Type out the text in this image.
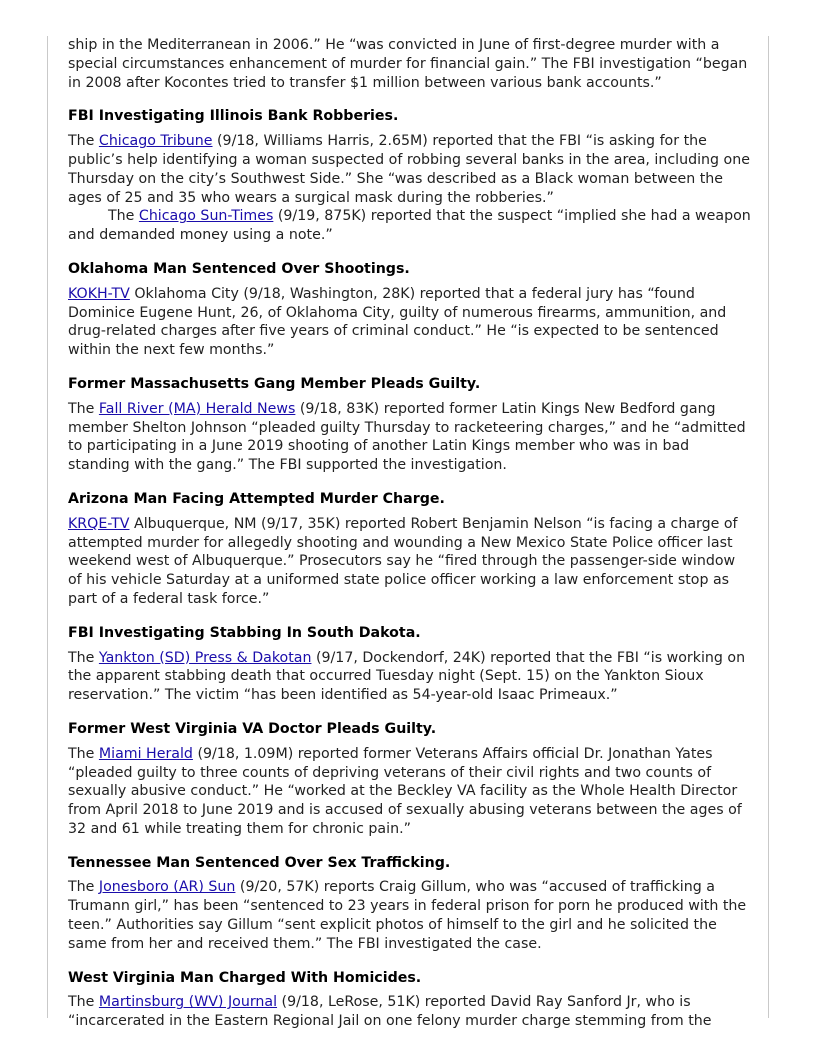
ship in the Mediterranean in 2006.” He “was convicted in June of first-degree murder with a special circumstances enhancement of murder for financial gain.” The FBI investigation “began in 2008 after Kocontes tried to transfer $1 million between various bank accounts.”

FBI Investigating Illinois Bank Robberies.

The Chicago Tribune (9/18, Williams Harris, 2.65M) reported that the FBI “is asking for the public’s help identifying a woman suspected of robbing several banks in the area, including one Thursday on the city’s Southwest Side.” She “was described as a Black woman between the ages of 25 and 35 who wears a surgical mask during the robberies.”

The Chicago Sun-Times (9/19, 875K) reported that the suspect “implied she had a weapon and demanded money using a note.”

Oklahoma Man Sentenced Over Shootings.

KOKH-TV Oklahoma City (9/18, Washington, 28K) reported that a federal jury has “found Dominice Eugene Hunt, 26, of Oklahoma City, guilty of numerous firearms, ammunition, and drug-related charges after five years of criminal conduct.” He “is expected to be sentenced within the next few months.”

Former Massachusetts Gang Member Pleads Guilty.

The Fall River (MA) Herald News (9/18, 83K) reported former Latin Kings New Bedford gang member Shelton Johnson “pleaded guilty Thursday to racketeering charges,” and he “admitted to participating in a June 2019 shooting of another Latin Kings member who was in bad standing with the gang.” The FBI supported the investigation.

Arizona Man Facing Attempted Murder Charge.

KRQE-TV Albuquerque, NM (9/17, 35K) reported Robert Benjamin Nelson “is facing a charge of attempted murder for allegedly shooting and wounding a New Mexico State Police officer last weekend west of Albuquerque.” Prosecutors say he “fired through the passenger-side window of his vehicle Saturday at a uniformed state police officer working a law enforcement stop as part of a federal task force.”

FBI Investigating Stabbing In South Dakota.

The Yankton (SD) Press & Dakotan (9/17, Dockendorf, 24K) reported that the FBI “is working on the apparent stabbing death that occurred Tuesday night (Sept. 15) on the Yankton Sioux reservation.” The victim “has been identified as 54-year-old Isaac Primeaux.”

Former West Virginia VA Doctor Pleads Guilty.

The Miami Herald (9/18, 1.09M) reported former Veterans Affairs official Dr. Jonathan Yates “pleaded guilty to three counts of depriving veterans of their civil rights and two counts of sexually abusive conduct.” He “worked at the Beckley VA facility as the Whole Health Director from April 2018 to June 2019 and is accused of sexually abusing veterans between the ages of 32 and 61 while treating them for chronic pain.”

Tennessee Man Sentenced Over Sex Trafficking.

The Jonesboro (AR) Sun (9/20, 57K) reports Craig Gillum, who was “accused of trafficking a Trumann girl,” has been “sentenced to 23 years in federal prison for porn he produced with the teen.” Authorities say Gillum “sent explicit photos of himself to the girl and he solicited the same from her and received them.” The FBI investigated the case.

West Virginia Man Charged With Homicides.

The Martinsburg (WV) Journal (9/18, LeRose, 51K) reported David Ray Sanford Jr, who is “incarcerated in the Eastern Regional Jail on one felony murder charge stemming from the
